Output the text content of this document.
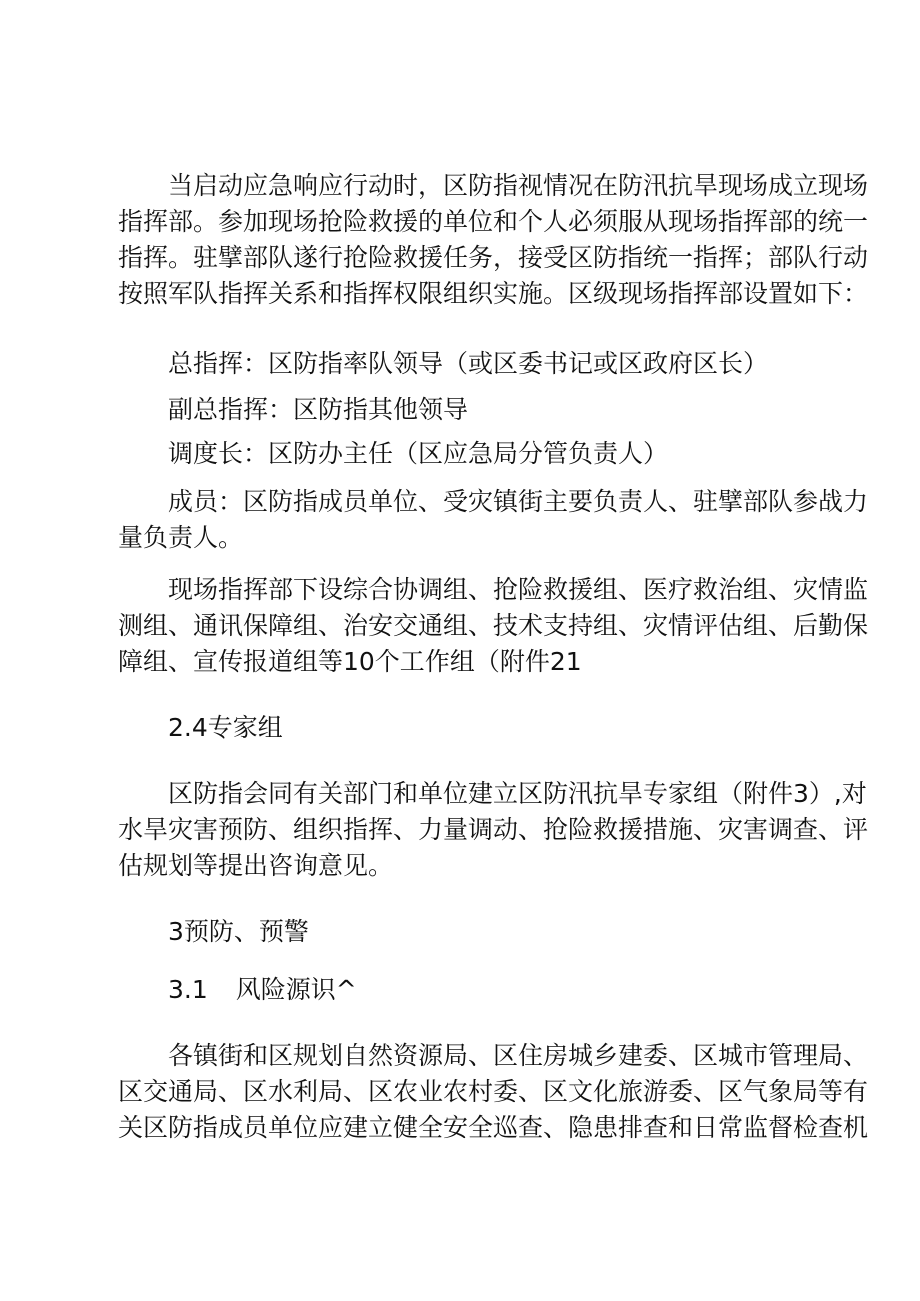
当启动应急响应行动时，区防指视情况在防汛抗旱现场成立现场
指挥部。参加现场抢险救援的单位和个人必须服从现场指挥部的统一
指挥。驻擘部队遂行抢险救援任务，接受区防指统一指挥；部队行动
按照军队指挥关系和指挥权限组织实施。区级现场指挥部设置如下：
总指挥：区防指率队领导（或区委书记或区政府区长）
副总指挥：区防指其他领导
调度长：区防办主任（区应急局分管负责人）
成员：区防指成员单位、受灾镇街主要负责人、驻擘部队参战力
量负责人。
现场指挥部下设综合协调组、抢险救援组、医疗救治组、灾情监
测组、通讯保障组、治安交通组、技术支持组、灾情评估组、后勤保
障组、宣传报道组等10个工作组（附件21
2.4专家组
区防指会同有关部门和单位建立区防汛抗旱专家组（附件3）,对
水旱灾害预防、组织指挥、力量调动、抢险救援措施、灾害调查、评
估规划等提出咨询意见。
3预防、预警
3.1 风险源识^
各镇街和区规划自然资源局、区住房城乡建委、区城市管理局、
区交通局、区水利局、区农业农村委、区文化旅游委、区气象局等有
关区防指成员单位应建立健全安全巡查、隐患排查和日常监督检查机
